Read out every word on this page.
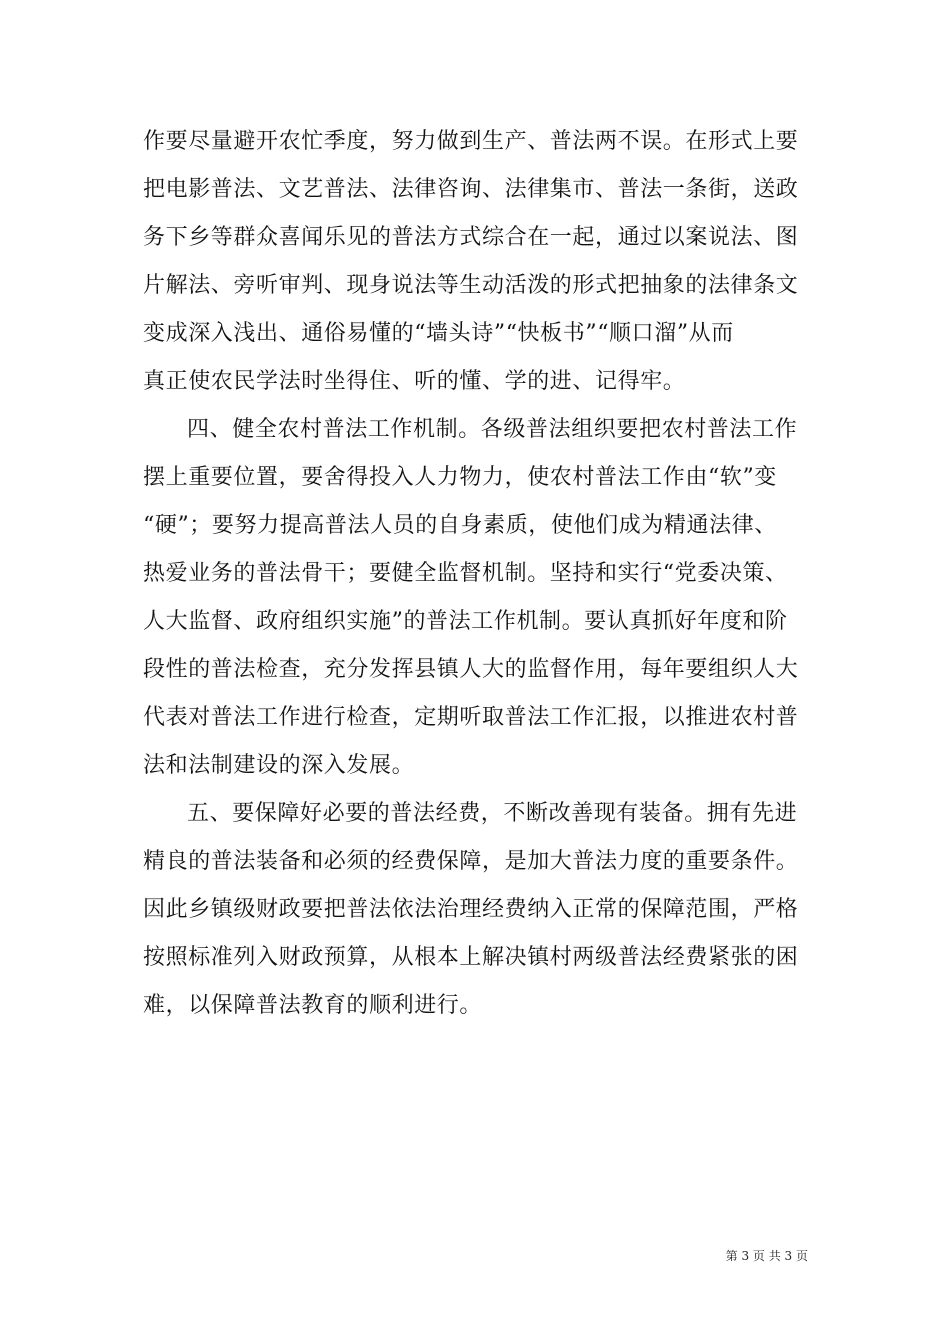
作要尽量避开农忙季度，努力做到生产、普法两不误。在形式上要
把电影普法、文艺普法、法律咨询、法律集市、普法一条街，送政
务下乡等群众喜闻乐见的普法方式综合在一起，通过以案说法、图
片解法、旁听审判、现身说法等生动活泼的形式把抽象的法律条文
变成深入浅出、通俗易懂的“墙头诗”“快板书”“顺口溜”从而
真正使农民学法时坐得住、听的懂、学的进、记得牢。
四、健全农村普法工作机制。各级普法组织要把农村普法工作
摆上重要位置，要舍得投入人力物力，使农村普法工作由“软”变
“硬”；要努力提高普法人员的自身素质，使他们成为精通法律、
热爱业务的普法骨干；要健全监督机制。坚持和实行“党委决策、
人大监督、政府组织实施”的普法工作机制。要认真抓好年度和阶
段性的普法检查，充分发挥县镇人大的监督作用，每年要组织人大
代表对普法工作进行检查，定期听取普法工作汇报，以推进农村普
法和法制建设的深入发展。
五、要保障好必要的普法经费，不断改善现有装备。拥有先进
精良的普法装备和必须的经费保障，是加大普法力度的重要条件。
因此乡镇级财政要把普法依法治理经费纳入正常的保障范围，严格
按照标准列入财政预算，从根本上解决镇村两级普法经费紧张的困
难，以保障普法教育的顺利进行。
第 3 页 共 3 页
